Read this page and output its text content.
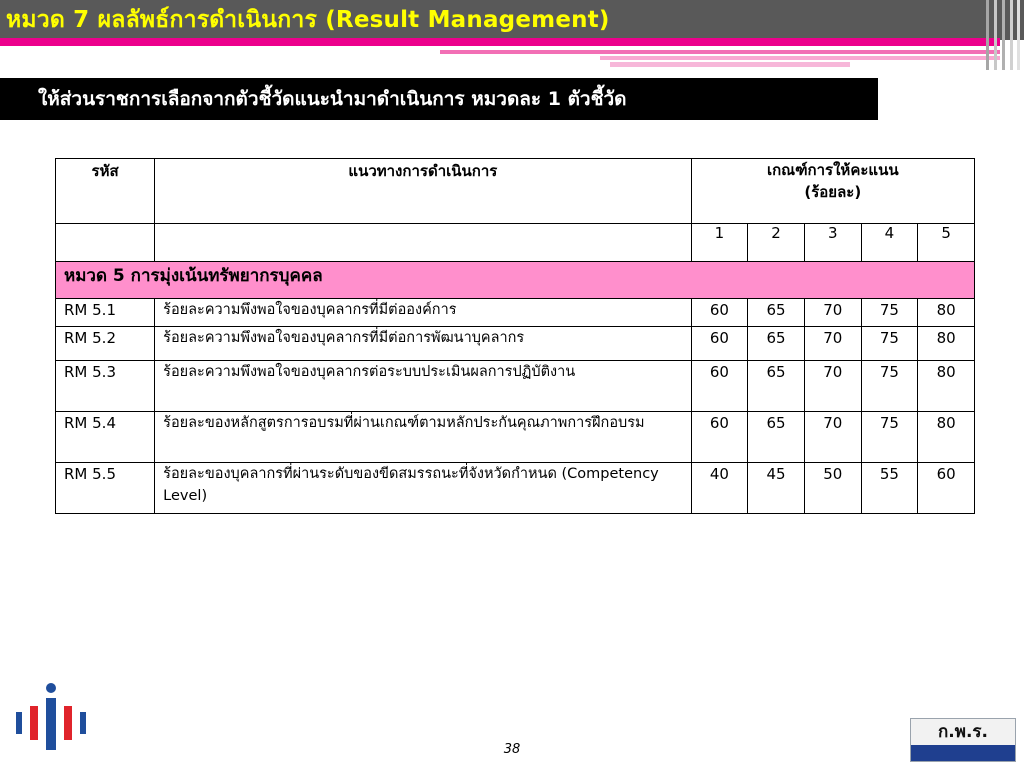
หมวด 7 ผลลัพธ์การดำเนินการ (Result Management)
ให้ส่วนราชการเลือกจากตัวชี้วัดแนะนำมาดำเนินการ หมวดละ 1 ตัวชี้วัด
รหัส	แนวทางการดำเนินการ	เกณฑ์การให้คะแนน
(ร้อยละ)				

		1	2	3	4	5
หมวด 5 การมุ่งเน้นทรัพยากรบุคคล						
RM 5.1	ร้อยละความพึงพอใจของบุคลากรที่มีต่อองค์การ	60	65	70	75	80
RM 5.2	ร้อยละความพึงพอใจของบุคลากรที่มีต่อการพัฒนาบุคลากร	60	65	70	75	80
RM 5.3	ร้อยละความพึงพอใจของบุคลากรต่อระบบประเมินผลการปฏิบัติงาน	60	65	70	75	80
RM 5.4	ร้อยละของหลักสูตรการอบรมที่ผ่านเกณฑ์ตามหลักประกันคุณภาพการฝึกอบรม	60	65	70	75	80
RM 5.5	ร้อยละของบุคลากรที่ผ่านระดับของขีดสมรรถนะที่จังหวัดกำหนด (Competency Level)	40	45	50	55	60
ก.พ.ร.
38
